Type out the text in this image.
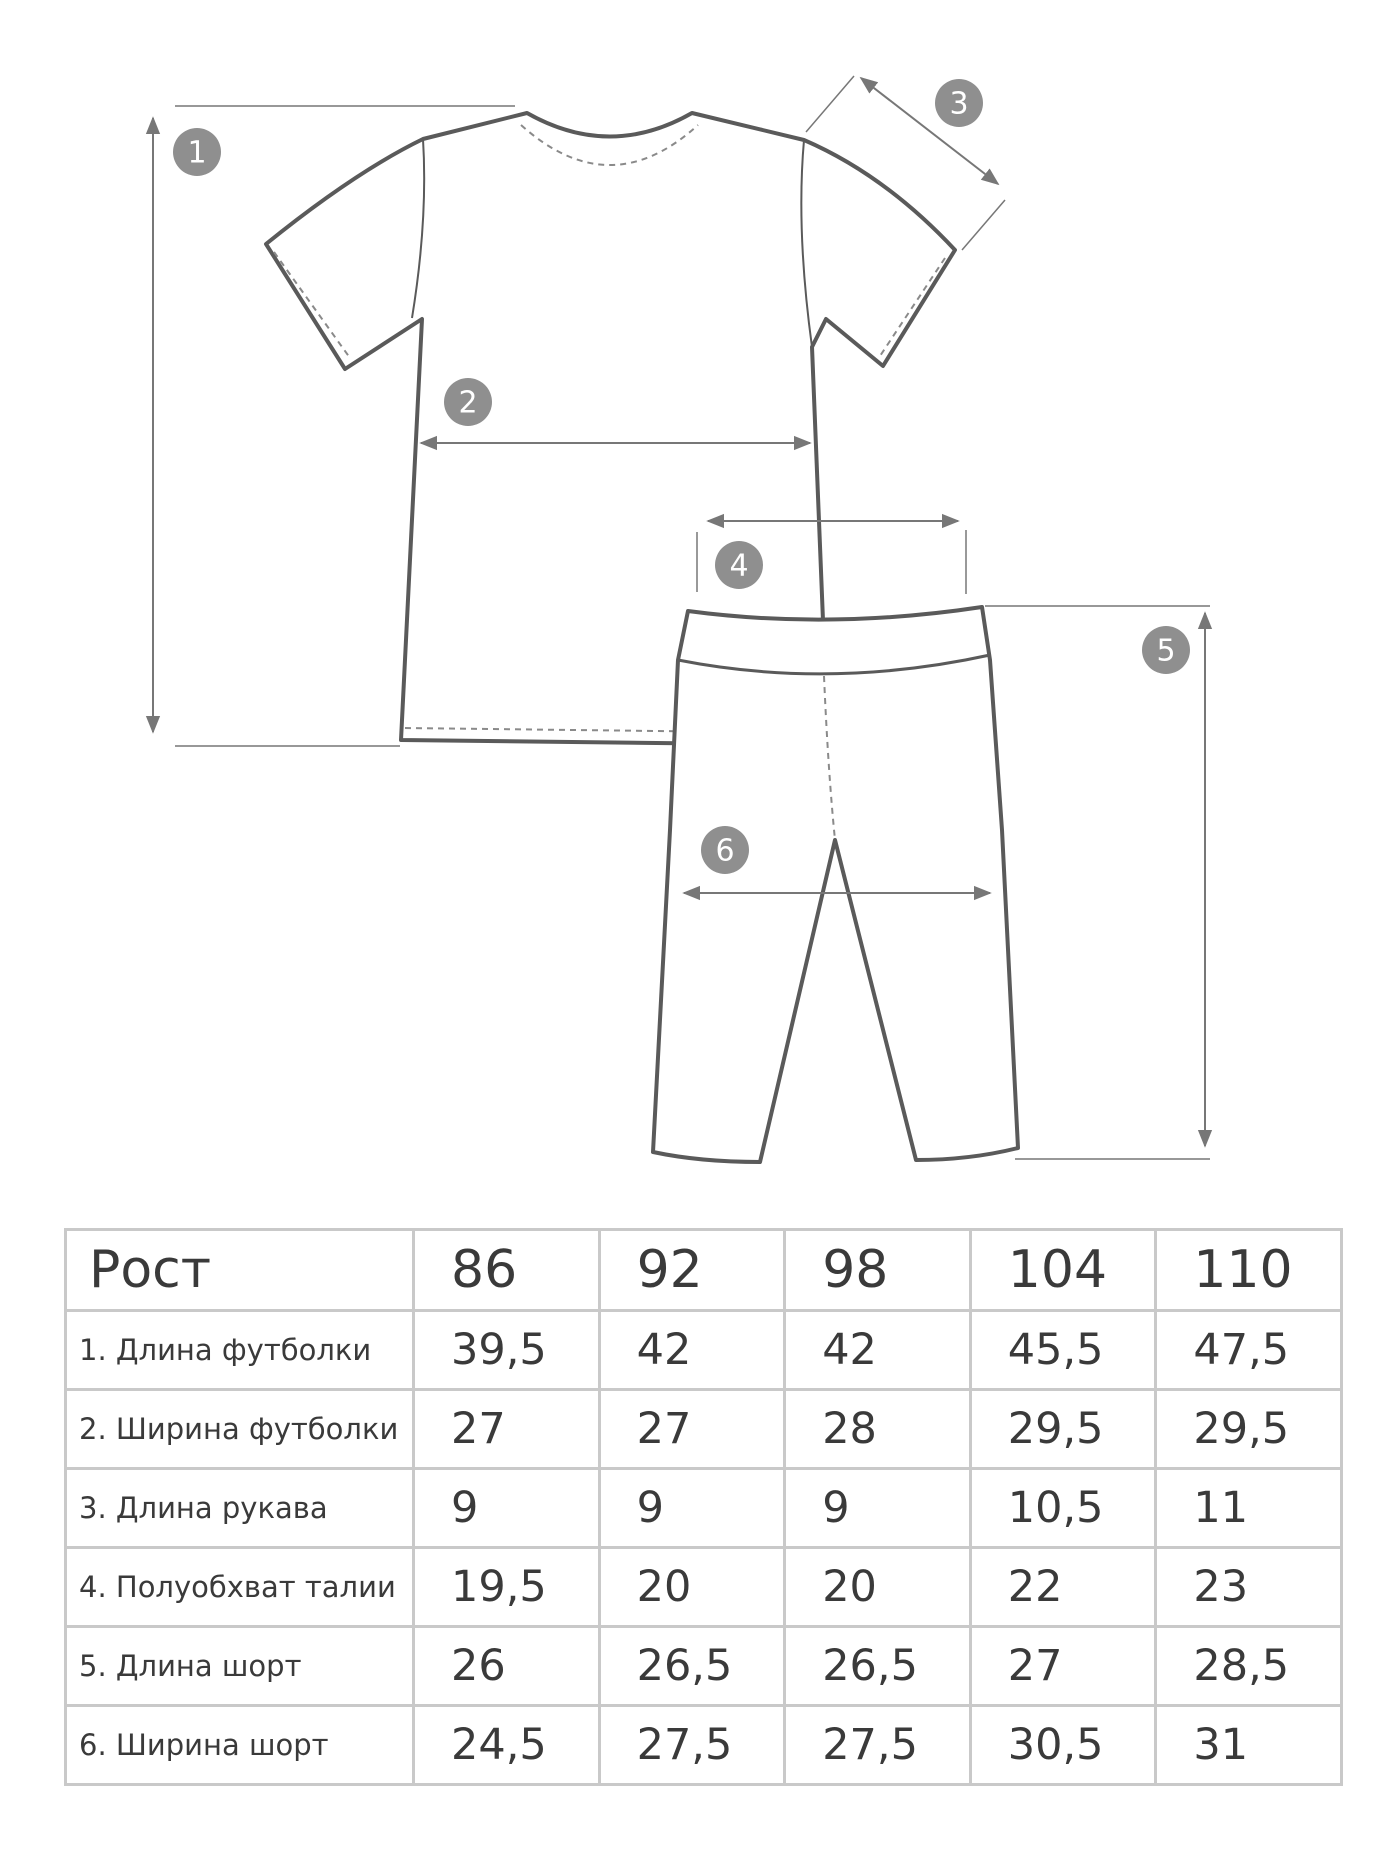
1
2
3
4
5
6
Рост	86	92	98	104	110
1. Длина футболки	39,5	42	42	45,5	47,5
2. Ширина футболки	27	27	28	29,5	29,5
3. Длина рукава	9	9	9	10,5	11
4. Полуобхват талии	19,5	20	20	22	23
5. Длина шорт	26	26,5	26,5	27	28,5
6. Ширина шорт	24,5	27,5	27,5	30,5	31
